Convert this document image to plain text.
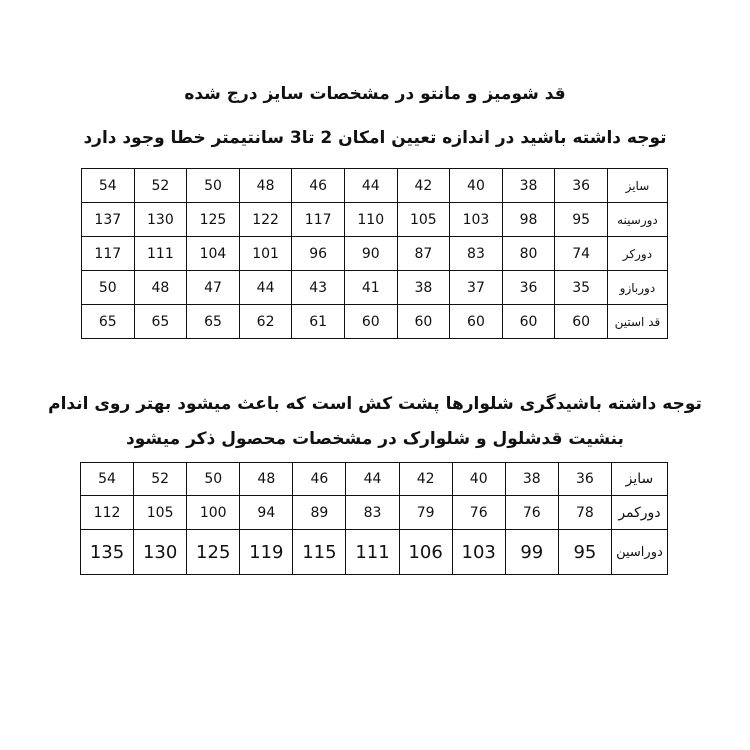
قد شومیز و مانتو در مشخصات سایز درج شده
توجه داشته باشید در اندازه تعیین امکان 2 تا3 سانتیمتر خطا وجود دارد
سایز	36	38	40	42	44	46	48	50	52	54
دورسینه	95	98	103	105	110	117	122	125	130	137
دورکر	74	80	83	87	90	96	101	104	111	117
دوربازو	35	36	37	38	41	43	44	47	48	50
قد استین	60	60	60	60	60	61	62	65	65	65
توجه داشته باشیدگری شلوارها پشت کش است که باعث میشود بهتر روی اندام
بنشیت قدشلول و شلوارک در مشخصات محصول ذکر میشود
سایز	36	38	40	42	44	46	48	50	52	54
دورکمر	78	76	76	79	83	89	94	100	105	112
دوراسین	95	99	103	106	111	115	119	125	130	135
